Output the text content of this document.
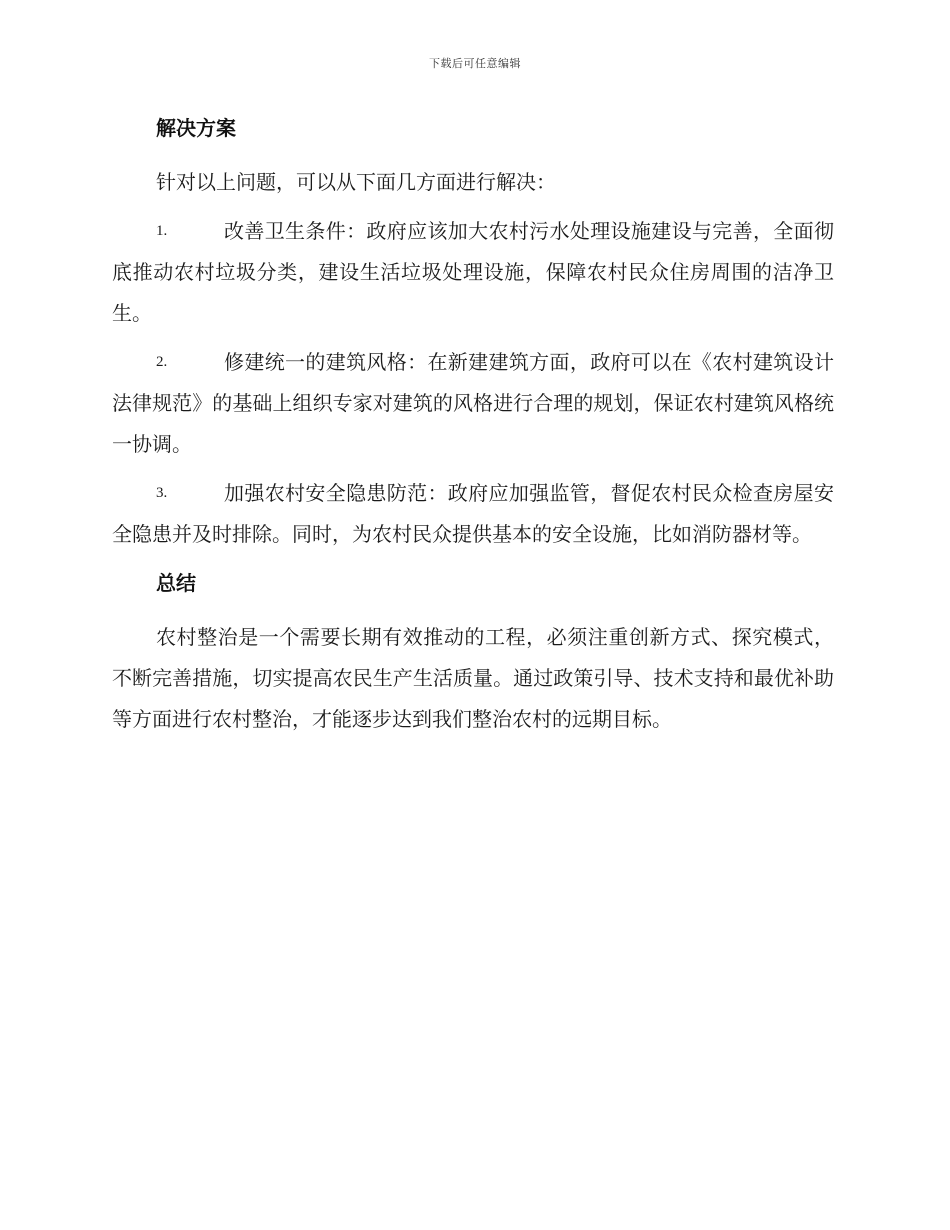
下载后可任意编辑
解决方案

针对以上问题，可以从下面几方面进行解决：

1.	改善卫生条件：政府应该加大农村污水处理设施建设与完善，全面彻底推动农村垃圾分类，建设生活垃圾处理设施，保障农村民众住房周围的洁净卫生。
2.	修建统一的建筑风格：在新建建筑方面，政府可以在《农村建筑设计法律规范》的基础上组织专家对建筑的风格进行合理的规划，保证农村建筑风格统一协调。
3.	加强农村安全隐患防范：政府应加强监管，督促农村民众检查房屋安全隐患并及时排除。同时，为农村民众提供基本的安全设施，比如消防器材等。
总结

农村整治是一个需要长期有效推动的工程，必须注重创新方式、探究模式，不断完善措施，切实提高农民生产生活质量。通过政策引导、技术支持和最优补助等方面进行农村整治，才能逐步达到我们整治农村的远期目标。
